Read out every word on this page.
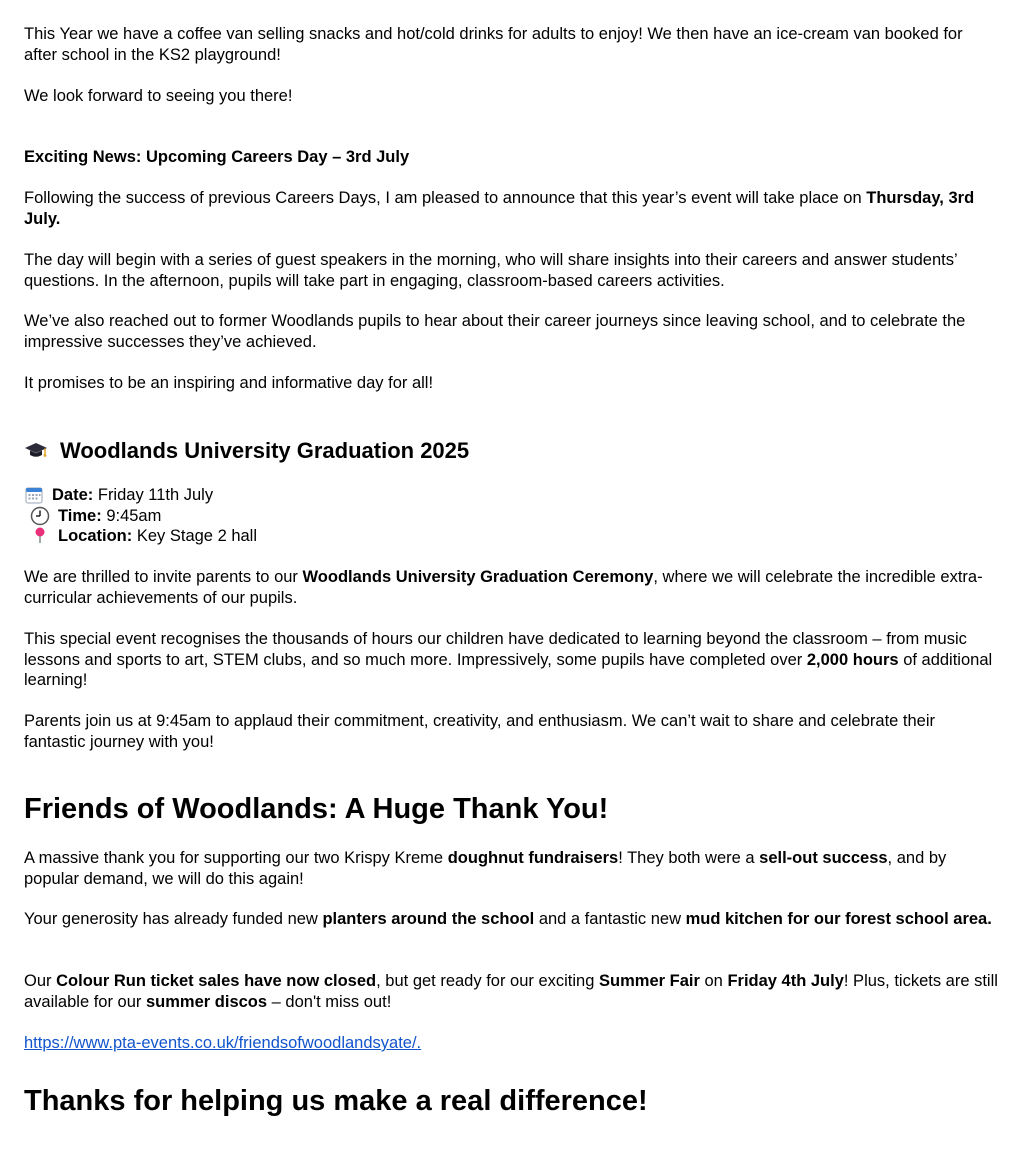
This Year we have a coffee van selling snacks and hot/cold drinks for adults to enjoy! We then have an ice-cream van booked for after school in the KS2 playground!

We look forward to seeing you there!

Exciting News: Upcoming Careers Day – 3rd July

Following the success of previous Careers Days, I am pleased to announce that this year’s event will take place on Thursday, 3rd July.

The day will begin with a series of guest speakers in the morning, who will share insights into their careers and answer students’ questions. In the afternoon, pupils will take part in engaging, classroom-based careers activities.

We’ve also reached out to former Woodlands pupils to hear about their career journeys since leaving school, and to celebrate the impressive successes they’ve achieved.

It promises to be an inspiring and informative day for all!

Woodlands University Graduation 2025
Date: Friday 11th July
Time: 9:45am
Location: Key Stage 2 hall

We are thrilled to invite parents to our Woodlands University Graduation Ceremony, where we will celebrate the incredible extra-curricular achievements of our pupils.

This special event recognises the thousands of hours our children have dedicated to learning beyond the classroom – from music lessons and sports to art, STEM clubs, and so much more. Impressively, some pupils have completed over 2,000 hours of additional learning!

Parents join us at 9:45am to applaud their commitment, creativity, and enthusiasm. We can’t wait to share and celebrate their fantastic journey with you!

Friends of Woodlands: A Huge Thank You!

A massive thank you for supporting our two Krispy Kreme doughnut fundraisers! They both were a sell-out success, and by popular demand, we will do this again!

Your generosity has already funded new planters around the school and a fantastic new mud kitchen for our forest school area.

Our Colour Run ticket sales have now closed, but get ready for our exciting Summer Fair on Friday 4th July! Plus, tickets are still available for our summer discos – don't miss out!

https://www.pta-events.co.uk/friendsofwoodlandsyate/.

Thanks for helping us make a real difference!
